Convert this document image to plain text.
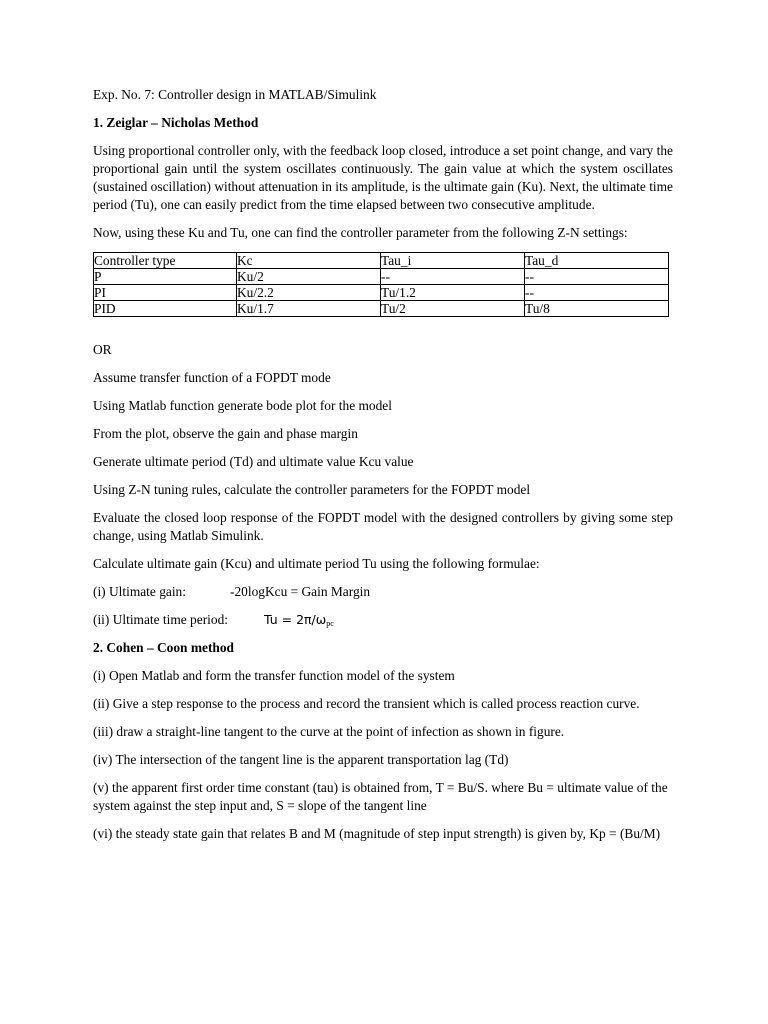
Exp. No. 7: Controller design in MATLAB/Simulink

1. Zeiglar – Nicholas Method

Using proportional controller only, with the feedback loop closed, introduce a set point change, and vary the proportional gain until the system oscillates continuously. The gain value at which the system oscillates (sustained oscillation) without attenuation in its amplitude, is the ultimate gain (Ku). Next, the ultimate time period (Tu), one can easily predict from the time elapsed between two consecutive amplitude.

Now, using these Ku and Tu, one can find the controller parameter from the following Z-N settings:

Controller type	Kc	Tau_i	Tau_d
P	Ku/2	--	--
PI	Ku/2.2	Tu/1.2	--
PID	Ku/1.7	Tu/2	Tu/8

OR

Assume transfer function of a FOPDT mode

Using Matlab function generate bode plot for the model

From the plot, observe the gain and phase margin

Generate ultimate period (Td) and ultimate value Kcu value

Using Z-N tuning rules, calculate the controller parameters for the FOPDT model

Evaluate the closed loop response of the FOPDT model with the designed controllers by giving some step change, using Matlab Simulink.

Calculate ultimate gain (Kcu) and ultimate period Tu using the following formulae:

(i) Ultimate gain:	-20logKcu = Gain Margin

(ii) Ultimate time period:	$Tu = 2\pi/\omega_{pc}$

2. Cohen – Coon method

(i) Open Matlab and form the transfer function model of the system

(ii) Give a step response to the process and record the transient which is called process reaction curve.

(iii) draw a straight-line tangent to the curve at the point of infection as shown in figure.

(iv) The intersection of the tangent line is the apparent transportation lag (Td)

(v) the apparent first order time constant (tau) is obtained from, T = Bu/S. where Bu = ultimate value of the system against the step input and, S = slope of the tangent line

(vi) the steady state gain that relates B and M (magnitude of step input strength) is given by, Kp = (Bu/M)
